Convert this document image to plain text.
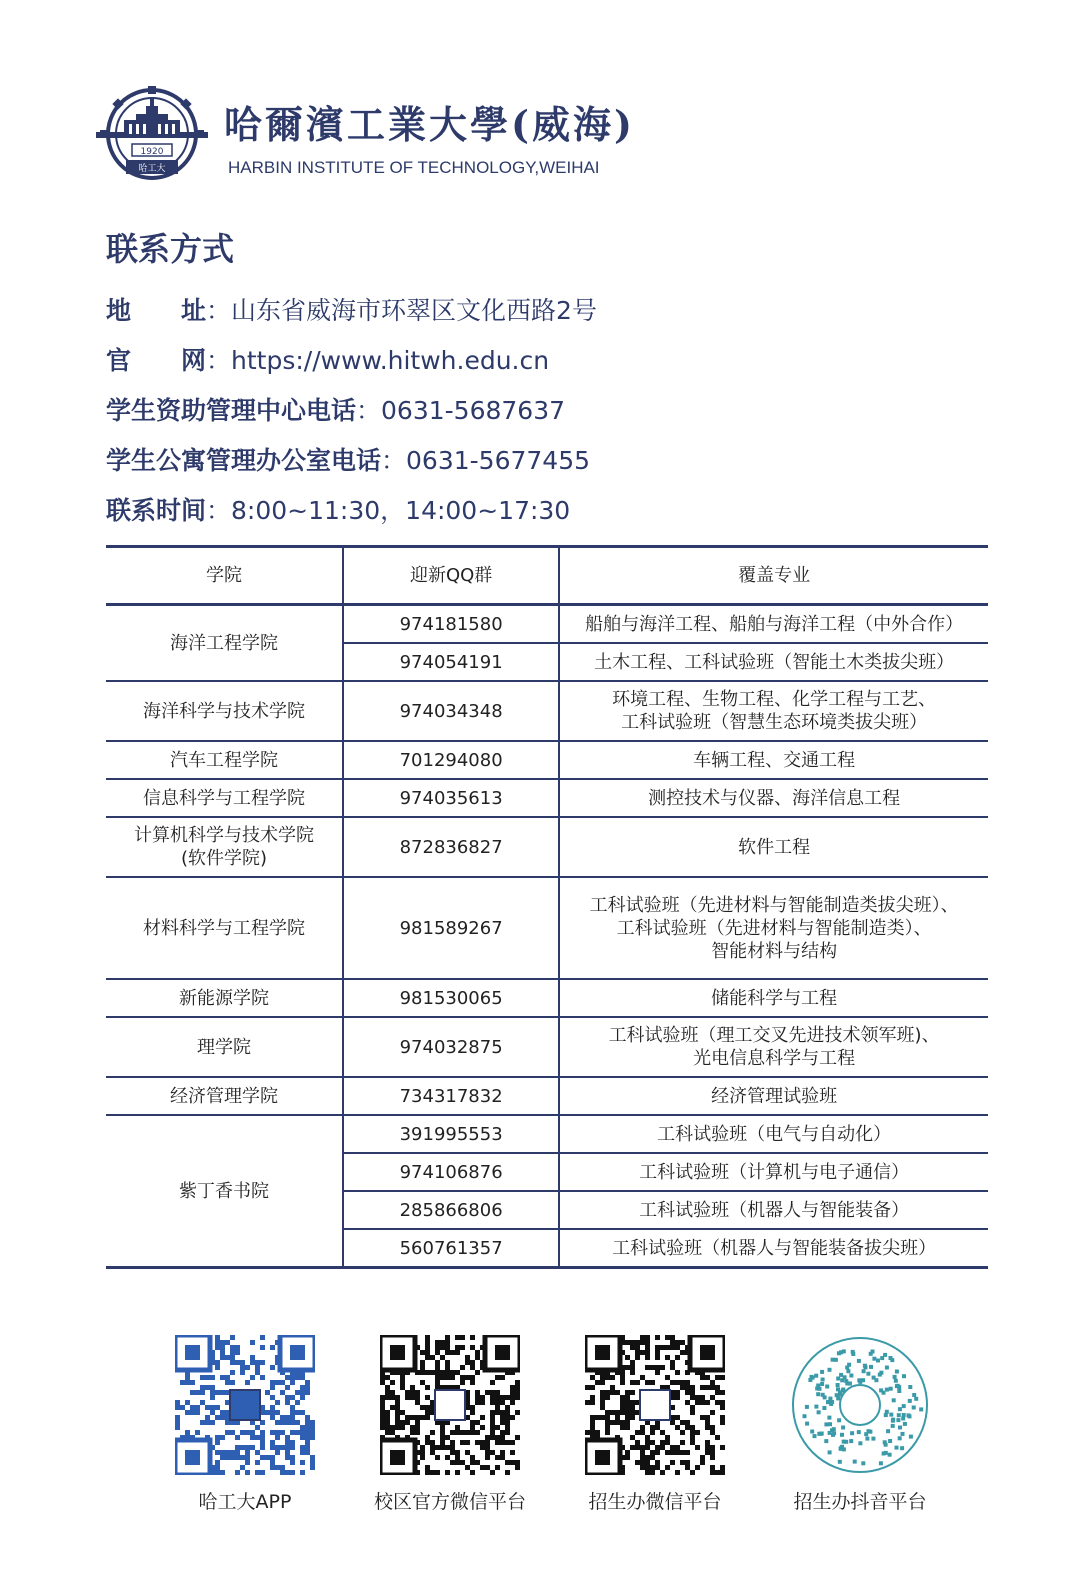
1920
哈工大
哈爾濱工業大學(威海)
HARBIN INSTITUTE OF TECHNOLOGY,WEIHAI
联系方式
地　　址：山东省威海市环翠区文化西路2号
官　　网：https://www.hitwh.edu.cn
学生资助管理中心电话：0631-5687637
学生公寓管理办公室电话：0631-5677455
联系时间：8:00~11:30，14:00~17:30
学院	迎新QQ群	覆盖专业
海洋工程学院	974181580	船舶与海洋工程、船舶与海洋工程（中外合作）
	974054191	土木工程、工科试验班（智能土木类拔尖班）
海洋科学与技术学院	974034348	环境工程、生物工程、化学工程与工艺、
工科试验班（智慧生态环境类拔尖班）
汽车工程学院	701294080	车辆工程、交通工程
信息科学与工程学院	974035613	测控技术与仪器、海洋信息工程
计算机科学与技术学院
(软件学院)	872836827	软件工程
材料科学与工程学院	981589267	工科试验班（先进材料与智能制造类拔尖班）、
工科试验班（先进材料与智能制造类）、
智能材料与结构
新能源学院	981530065	储能科学与工程
理学院	974032875	工科试验班（理工交叉先进技术领军班)、
光电信息科学与工程
经济管理学院	734317832	经济管理试验班
紫丁香书院	391995553	工科试验班（电气与自动化）
	974106876	工科试验班（计算机与电子通信）
	285866806	工科试验班（机器人与智能装备）
	560761357	工科试验班（机器人与智能装备拔尖班）
哈工大APP	校区官方微信平台	招生办微信平台	招生办抖音平台
